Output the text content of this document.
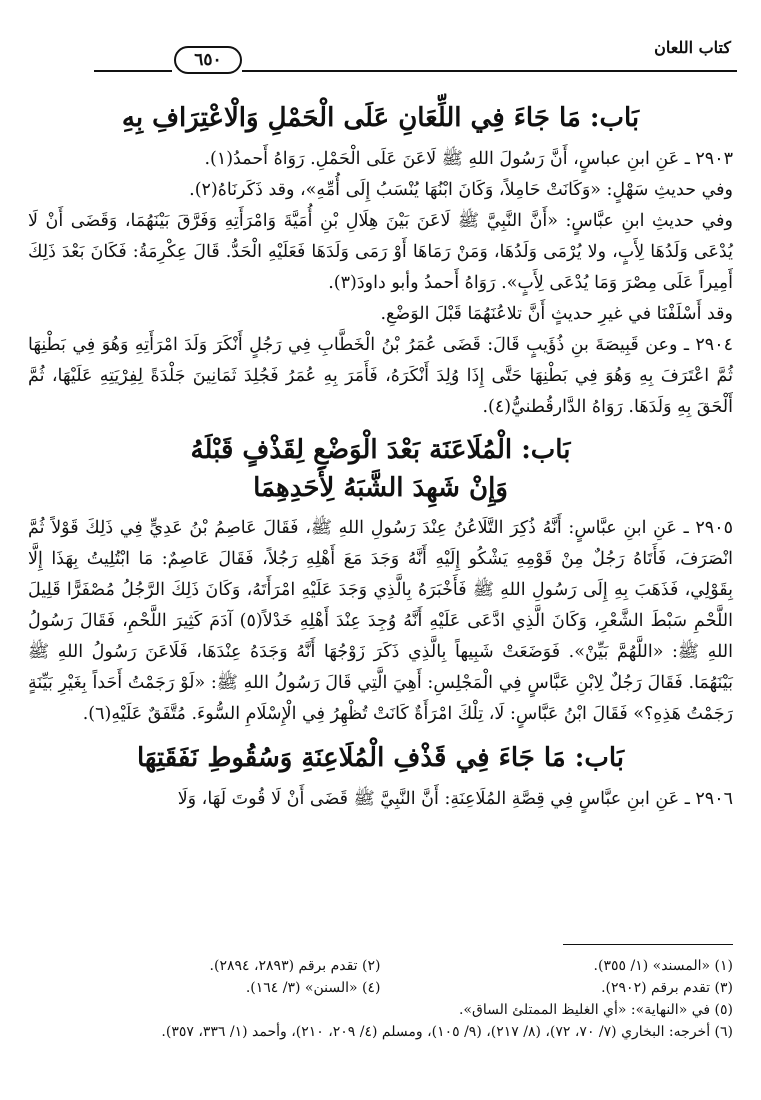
كتاب اللعان
٦٥٠
بَاب: مَا جَاءَ فِي اللِّعَانِ عَلَى الْحَمْلِ وَالْاعْتِرَافِ بِهِ

٢٩٠٣ ـ عَنِ ابنِ عباسٍ، أَنَّ رَسُولَ اللهِ ﷺ لَاعَنَ عَلَى الْحَمْلِ. رَوَاهُ أَحمدُ(١).

وفي حديثِ سَهْلٍ: «وَكَانَتْ حَامِلاً، وَكَانَ ابْنُهَا يُنْسَبُ إِلَى أُمِّهِ»، وقد ذَكَرنَاهُ(٢).

وفي حديثِ ابنِ عبَّاسٍ: «أَنَّ النَّبِيَّ ﷺ لَاعَنَ بَيْنَ هِلَالِ بْنِ أُمَيَّةَ وَامْرَأَتِهِ وَفَرَّقَ بَيْنَهُمَا، وَقَضَى أَنْ لَا يُدْعَى وَلَدُهَا لِأَبٍ، ولا يُرْمَى وَلَدُهَا، وَمَنْ رَمَاهَا أَوْ رَمَى وَلَدَهَا فَعَلَيْهِ الْحَدُّ. قَالَ عِكْرِمَةُ: فَكَانَ بَعْدَ ذَلِكَ أَمِيراً عَلَى مِصْرَ وَمَا يُدْعَى لِأَبٍ». رَوَاهُ أَحمدُ وأبو داودَ(٣).

وقد أَسْلَفْنَا في غيرِ حديثٍ أَنَّ تلاعُنَهُمَا قَبْلَ الوَضْعِ.

٢٩٠٤ ـ وعن قَبِيصَةَ بنِ ذُؤَيبٍ قَالَ: قَضَى عُمَرُ بْنُ الْخَطَّابِ فِي رَجُلٍ أَنْكَرَ وَلَدَ امْرَأَتِهِ وَهُوَ فِي بَطْنِهَا ثُمَّ اعْتَرَفَ بِهِ وَهُوَ فِي بَطْنِهَا حَتَّى إِذَا وُلِدَ أَنْكَرَهُ، فَأَمَرَ بِهِ عُمَرُ فَجُلِدَ ثَمَانِينَ جَلْدَةً لِفِرْيَتِهِ عَلَيْهَا، ثُمَّ أَلْحَقَ بِهِ وَلَدَهَا. رَوَاهُ الدَّارقُطنيُّ(٤).

بَاب: الْمُلَاعَنَة بَعْدَ الْوَضْعِ لِقَذْفٍ قَبْلَهُ
وَإِنْ شَهِدَ الشَّبَهُ لِأَحَدِهِمَا

٢٩٠٥ ـ عَنِ ابنِ عبَّاسٍ: أَنَّهُ ذُكِرَ التَّلَاعُنُ عِنْدَ رَسُولِ اللهِ ﷺ، فَقَالَ عَاصِمُ بْنُ عَدِيٍّ فِي ذَلِكَ قَوْلاً ثُمَّ انْصَرَفَ، فَأَتَاهُ رَجُلٌ مِنْ قَوْمِهِ يَشْكُو إِلَيْهِ أَنَّهُ وَجَدَ مَعَ أَهْلِهِ رَجُلاً، فَقَالَ عَاصِمٌ: مَا ابْتُلِيتُ بِهَذَا إِلَّا بِقَوْلِي، فَذَهَبَ بِهِ إِلَى رَسُولِ اللهِ ﷺ فَأَخْبَرَهُ بِالَّذِي وَجَدَ عَلَيْهِ امْرَأَتَهُ، وَكَانَ ذَلِكَ الرَّجُلُ مُصْفَرًّا قَلِيلَ اللَّحْمِ سَبْطَ الشَّعْرِ، وَكَانَ الَّذِي ادَّعَى عَلَيْهِ أَنَّهُ وُجِدَ عِنْدَ أَهْلِهِ خَدْلاً(٥) آدَمَ كَثِيرَ اللَّحْمِ، فَقَالَ رَسُولُ اللهِ ﷺ: «اللَّهُمَّ بَيِّنْ». فَوَضَعَتْ شَبِيهاً بِالَّذِي ذَكَرَ زَوْجُهَا أَنَّهُ وَجَدَهُ عِنْدَهَا، فَلَاعَنَ رَسُولُ اللهِ ﷺ بَيْنَهُمَا. فَقَالَ رَجُلٌ لِابْنِ عَبَّاسٍ فِي الْمَجْلِسِ: أَهِيَ الَّتِي قَالَ رَسُولُ اللهِ ﷺ: «لَوْ رَجَمْتُ أَحَداً بِغَيْرِ بَيِّنَةٍ رَجَمْتُ هَذِهِ؟» فَقَالَ ابْنُ عَبَّاسٍ: لَا، تِلْكَ امْرَأَةٌ كَانَتْ تُظْهِرُ فِي الْإِسْلَامِ السُّوءَ. مُتَّفَقٌ عَلَيْهِ(٦).

بَاب: مَا جَاءَ فِي قَذْفِ الْمُلَاعِنَةِ وَسُقُوطِ نَفَقَتِهَا

٢٩٠٦ ـ عَنِ ابنِ عبَّاسٍ فِي قِصَّةِ المُلَاعِنَةِ: أَنَّ النَّبِيَّ ﷺ قَضَى أَنْ لَا قُوتَ لَهَا، وَلَا

(١) «المسند» (١/ ٣٥٥).
(٢) تقدم برقم (٢٨٩٣، ٢٨٩٤).
(٣) تقدم برقم (٢٩٠٢).
(٤) «السنن» (٣/ ١٦٤).
(٥) في «النهاية»: «أي الغليظ الممتلئ الساق».
(٦) أخرجه: البخاري (٧/ ٧٠، ٧٢)، (٨/ ٢١٧)، (٩/ ١٠٥)، ومسلم (٤/ ٢٠٩، ٢١٠)، وأحمد (١/ ٣٣٦، ٣٥٧).
